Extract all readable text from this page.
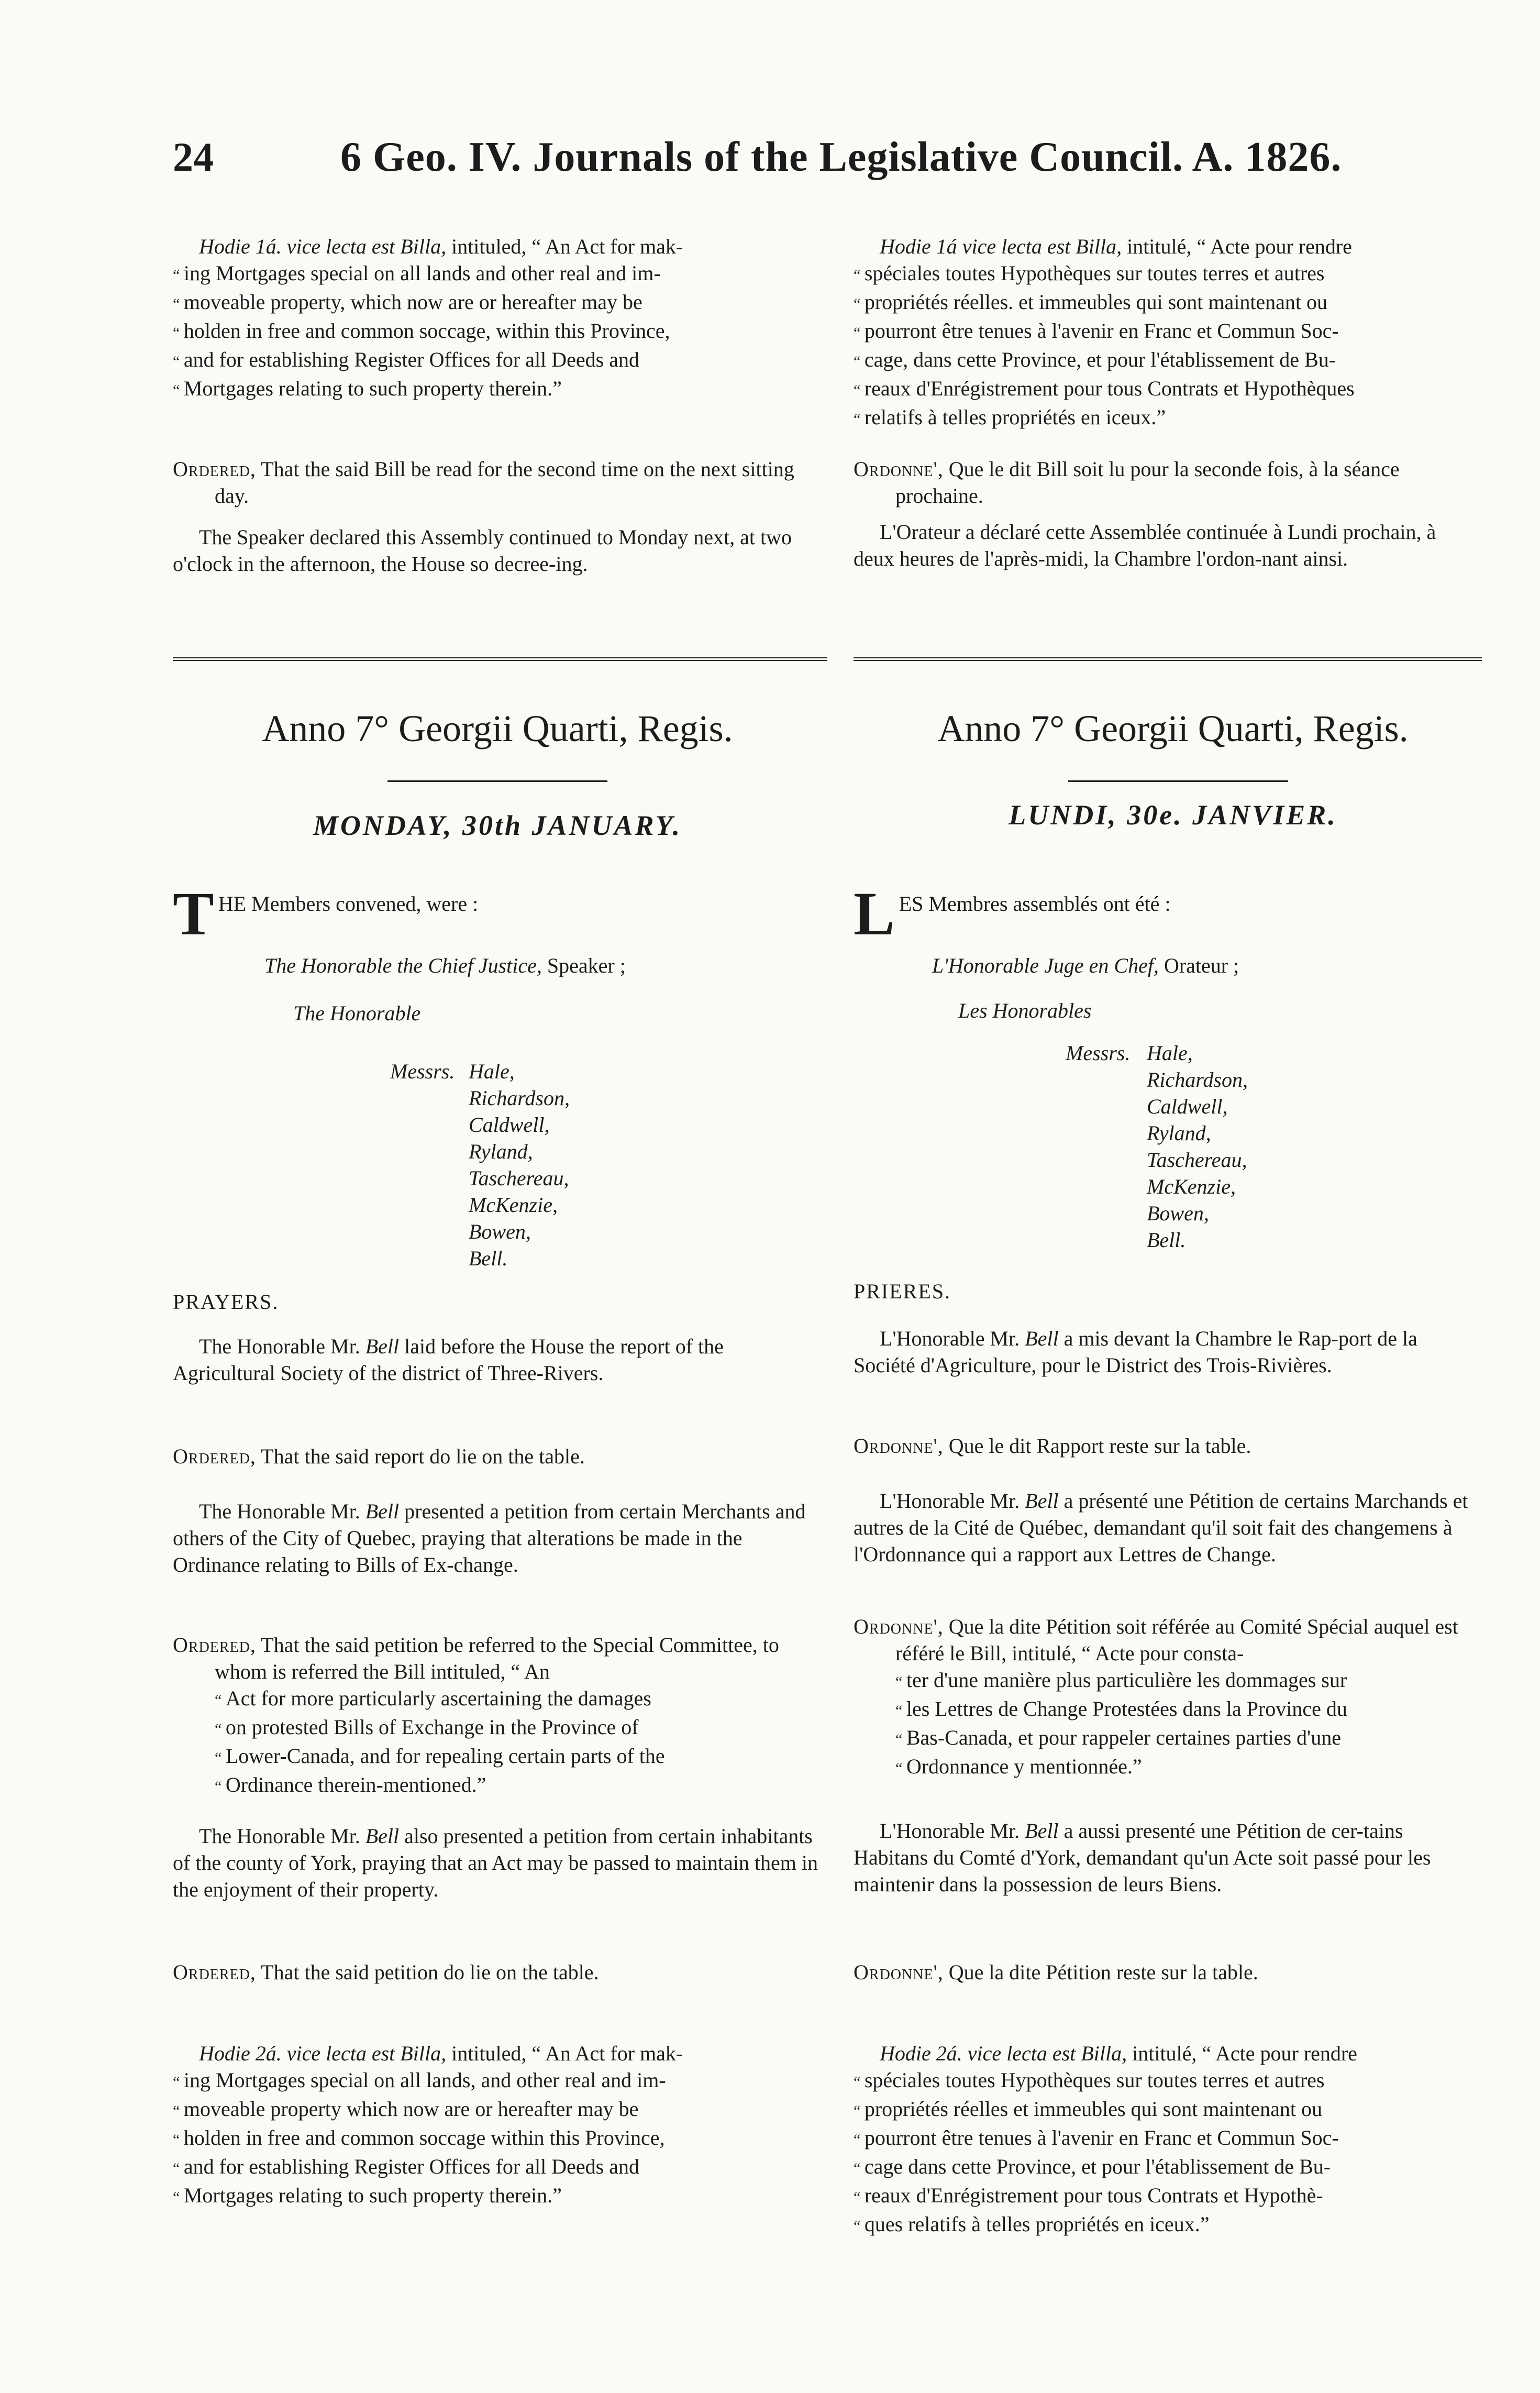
24	6 Geo. IV. Journals of the Legislative Council. A. 1826.

Hodie 1á. vice lecta est Billa, intituled, “ An Act for mak-

“ ing Mortgages special on all lands and other real and im-
“ moveable property, which now are or hereafter may be
“ holden in free and common soccage, within this Province,
“ and for establishing Register Offices for all Deeds and
“ Mortgages relating to such property therein.”

Ordered, That the said Bill be read for the second time on the next sitting day.

The Speaker declared this Assembly continued to Monday next, at two o'clock in the afternoon, the House so decree-ing.

Hodie 1á vice lecta est Billa, intitulé, “ Acte pour rendre

“ spéciales toutes Hypothèques sur toutes terres et autres
“ propriétés réelles. et immeubles qui sont maintenant ou
“ pourront être tenues à l'avenir en Franc et Commun Soc-
“ cage, dans cette Province, et pour l'établissement de Bu-
“ reaux d'Enrégistrement pour tous Contrats et Hypothèques
“ relatifs à telles propriétés en iceux.”

Ordonne', Que le dit Bill soit lu pour la seconde fois, à la séance prochaine.

L'Orateur a déclaré cette Assemblée continuée à Lundi prochain, à deux heures de l'après-midi, la Chambre l'ordon-nant ainsi.

Anno 7° Georgii Quarti, Regis.	Anno 7° Georgii Quarti, Regis.
MONDAY, 30th JANUARY.	LUNDI, 30e. JANVIER.

THE Members convened, were :

The Honorable the Chief Justice, Speaker ;

The Honorable

Messrs. Hale,
Richardson,
Caldwell,
Ryland,
Taschereau,
McKenzie,
Bowen,
Bell.

LES Membres assemblés ont été :

L'Honorable Juge en Chef, Orateur ;

Les Honorables

Messrs. Hale,
Richardson,
Caldwell,
Ryland,
Taschereau,
McKenzie,
Bowen,
Bell.
PRAYERS.	PRIERES.

The Honorable Mr. Bell laid before the House the report of the Agricultural Society of the district of Three-Rivers.

Ordered, That the said report do lie on the table.

The Honorable Mr. Bell presented a petition from certain Merchants and others of the City of Quebec, praying that alterations be made in the Ordinance relating to Bills of Ex-change.

Ordered, That the said petition be referred to the Special Committee, to whom is referred the Bill intituled, “ An

“ Act for more particularly ascertaining the damages
“ on protested Bills of Exchange in the Province of
“ Lower-Canada, and for repealing certain parts of the
“ Ordinance therein-mentioned.”

The Honorable Mr. Bell also presented a petition from certain inhabitants of the county of York, praying that an Act may be passed to maintain them in the enjoyment of their property.

Ordered, That the said petition do lie on the table.

Hodie 2á. vice lecta est Billa, intituled, “ An Act for mak-

“ ing Mortgages special on all lands, and other real and im-
“ moveable property which now are or hereafter may be
“ holden in free and common soccage within this Province,
“ and for establishing Register Offices for all Deeds and
“ Mortgages relating to such property therein.”

L'Honorable Mr. Bell a mis devant la Chambre le Rap-port de la Société d'Agriculture, pour le District des Trois-Rivières.

Ordonne', Que le dit Rapport reste sur la table.

L'Honorable Mr. Bell a présenté une Pétition de certains Marchands et autres de la Cité de Québec, demandant qu'il soit fait des changemens à l'Ordonnance qui a rapport aux Lettres de Change.

Ordonne', Que la dite Pétition soit référée au Comité Spécial auquel est référé le Bill, intitulé, “ Acte pour consta-

“ ter d'une manière plus particulière les dommages sur
“ les Lettres de Change Protestées dans la Province du
“ Bas-Canada, et pour rappeler certaines parties d'une
“ Ordonnance y mentionnée.”

L'Honorable Mr. Bell a aussi presenté une Pétition de cer-tains Habitans du Comté d'York, demandant qu'un Acte soit passé pour les maintenir dans la possession de leurs Biens.

Ordonne', Que la dite Pétition reste sur la table.

Hodie 2á. vice lecta est Billa, intitulé, “ Acte pour rendre

“ spéciales toutes Hypothèques sur toutes terres et autres
“ propriétés réelles et immeubles qui sont maintenant ou
“ pourront être tenues à l'avenir en Franc et Commun Soc-
“ cage dans cette Province, et pour l'établissement de Bu-
“ reaux d'Enrégistrement pour tous Contrats et Hypothè-
“ ques relatifs à telles propriétés en iceux.”
